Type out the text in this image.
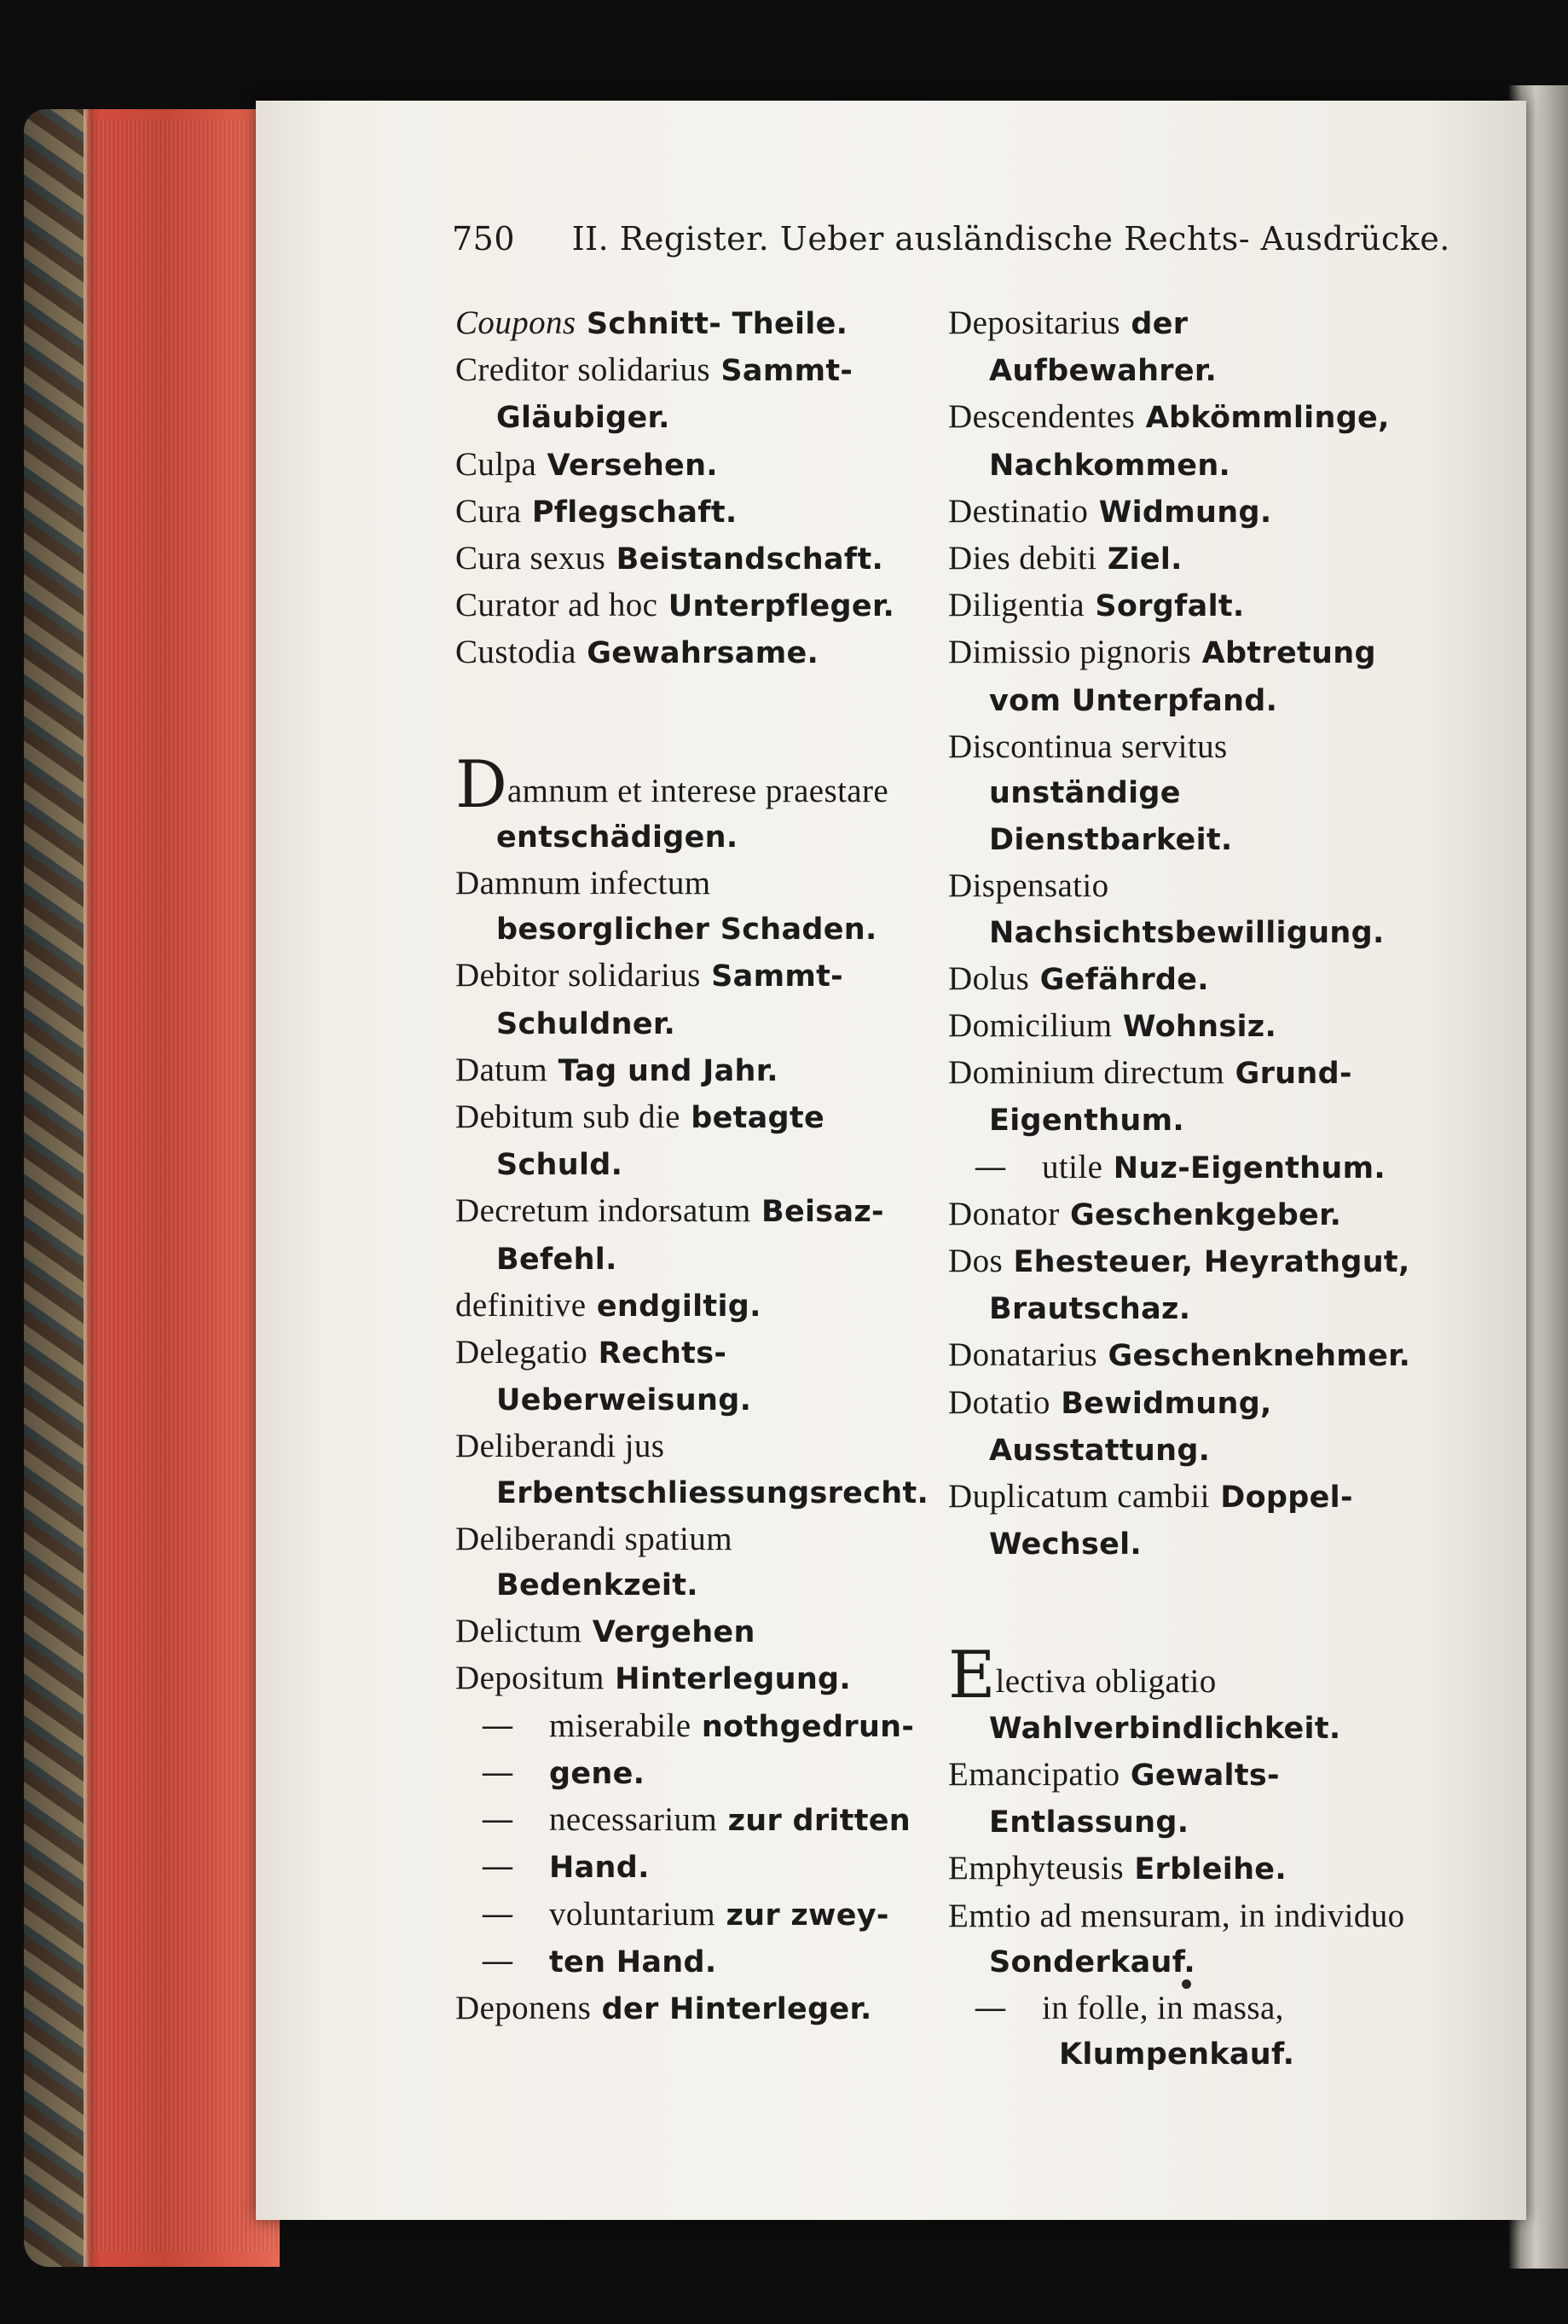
750 II. Register. Ueber ausländische Rechts- Ausdrücke.
Coupons Schnitt- Theile.
Creditor solidarius Sammt-Gläubiger.
Culpa Versehen.
Cura Pflegschaft.
Cura sexus Beistandschaft.
Curator ad hoc Unterpfleger.
Custodia Gewahrsame.
Damnum et interese praestare entschädigen.
Damnum infectum besorglicher Schaden.
Debitor solidarius Sammt-Schuldner.
Datum Tag und Jahr.
Debitum sub die betagte Schuld.
Decretum indorsatum Beisaz-Befehl.
definitive endgiltig.
Delegatio Rechts- Ueberweisung.
Deliberandi jus Erbentschliessungsrecht.
Deliberandi spatium Bedenkzeit.
Delictum Vergehen
Depositum Hinterlegung.
— miserabile nothgedrun-
— gene.
— necessarium zur dritten
— Hand.
— voluntarium zur zwey-
— ten Hand.
Deponens der Hinterleger.
Depositarius der Aufbewahrer.
Descendentes Abkömmlinge, Nachkommen.
Destinatio Widmung.
Dies debiti Ziel.
Diligentia Sorgfalt.
Dimissio pignoris Abtretung vom Unterpfand.
Discontinua servitus unständige Dienstbarkeit.
Dispensatio Nachsichtsbewilligung.
Dolus Gefährde.
Domicilium Wohnsiz.
Dominium directum Grund-Eigenthum.
— utile Nuz-Eigenthum.
Donator Geschenkgeber.
Dos Ehesteuer, Heyrathgut, Brautschaz.
Donatarius Geschenknehmer.
Dotatio Bewidmung, Ausstattung.
Duplicatum cambii Doppel-Wechsel.
Electiva obligatio Wahlverbindlichkeit.
Emancipatio Gewalts- Entlassung.
Emphyteusis Erbleihe.
Emtio ad mensuram, in individuo Sonderkauf.
— in folle, in massa, Klumpenkauf.
